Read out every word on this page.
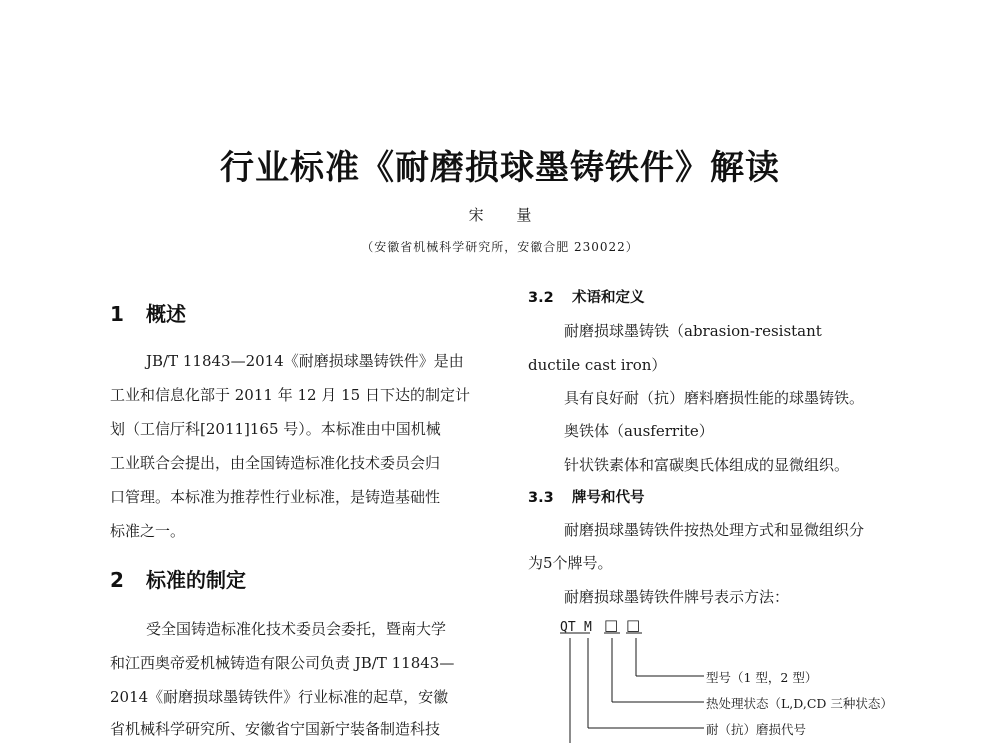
行业标准《耐磨损球墨铸铁件》解读
宋 量
（安徽省机械科学研究所，安徽合肥 230022）
1 概述
JB/T 11843—2014《耐磨损球墨铸铁件》是由
工业和信息化部于 2011 年 12 月 15 日下达的制定计
划（工信厅科[2011]165 号）。本标准由中国机械
工业联合会提出，由全国铸造标准化技术委员会归
口管理。本标准为推荐性行业标准，是铸造基础性
标准之一。
2 标准的制定
受全国铸造标准化技术委员会委托，暨南大学
和江西奥帝爱机械铸造有限公司负责 JB/T 11843—
2014《耐磨损球墨铸铁件》行业标准的起草，安徽
省机械科学研究所、安徽省宁国新宁装备制造科技
3.2 术语和定义
耐磨损球墨铸铁（abrasion-resistant
ductile cast iron）
具有良好耐（抗）磨料磨损性能的球墨铸铁。
奥铁体（ausferrite）
针状铁素体和富碳奥氏体组成的显微组织。
3.3 牌号和代号
耐磨损球墨铸铁件按热处理方式和显微组织分
为5个牌号。
耐磨损球墨铸铁件牌号表示方法：
QT M □ □
型号（1 型，2 型）
热处理状态（L,D,CD 三种状态）
耐（抗）磨损代号
